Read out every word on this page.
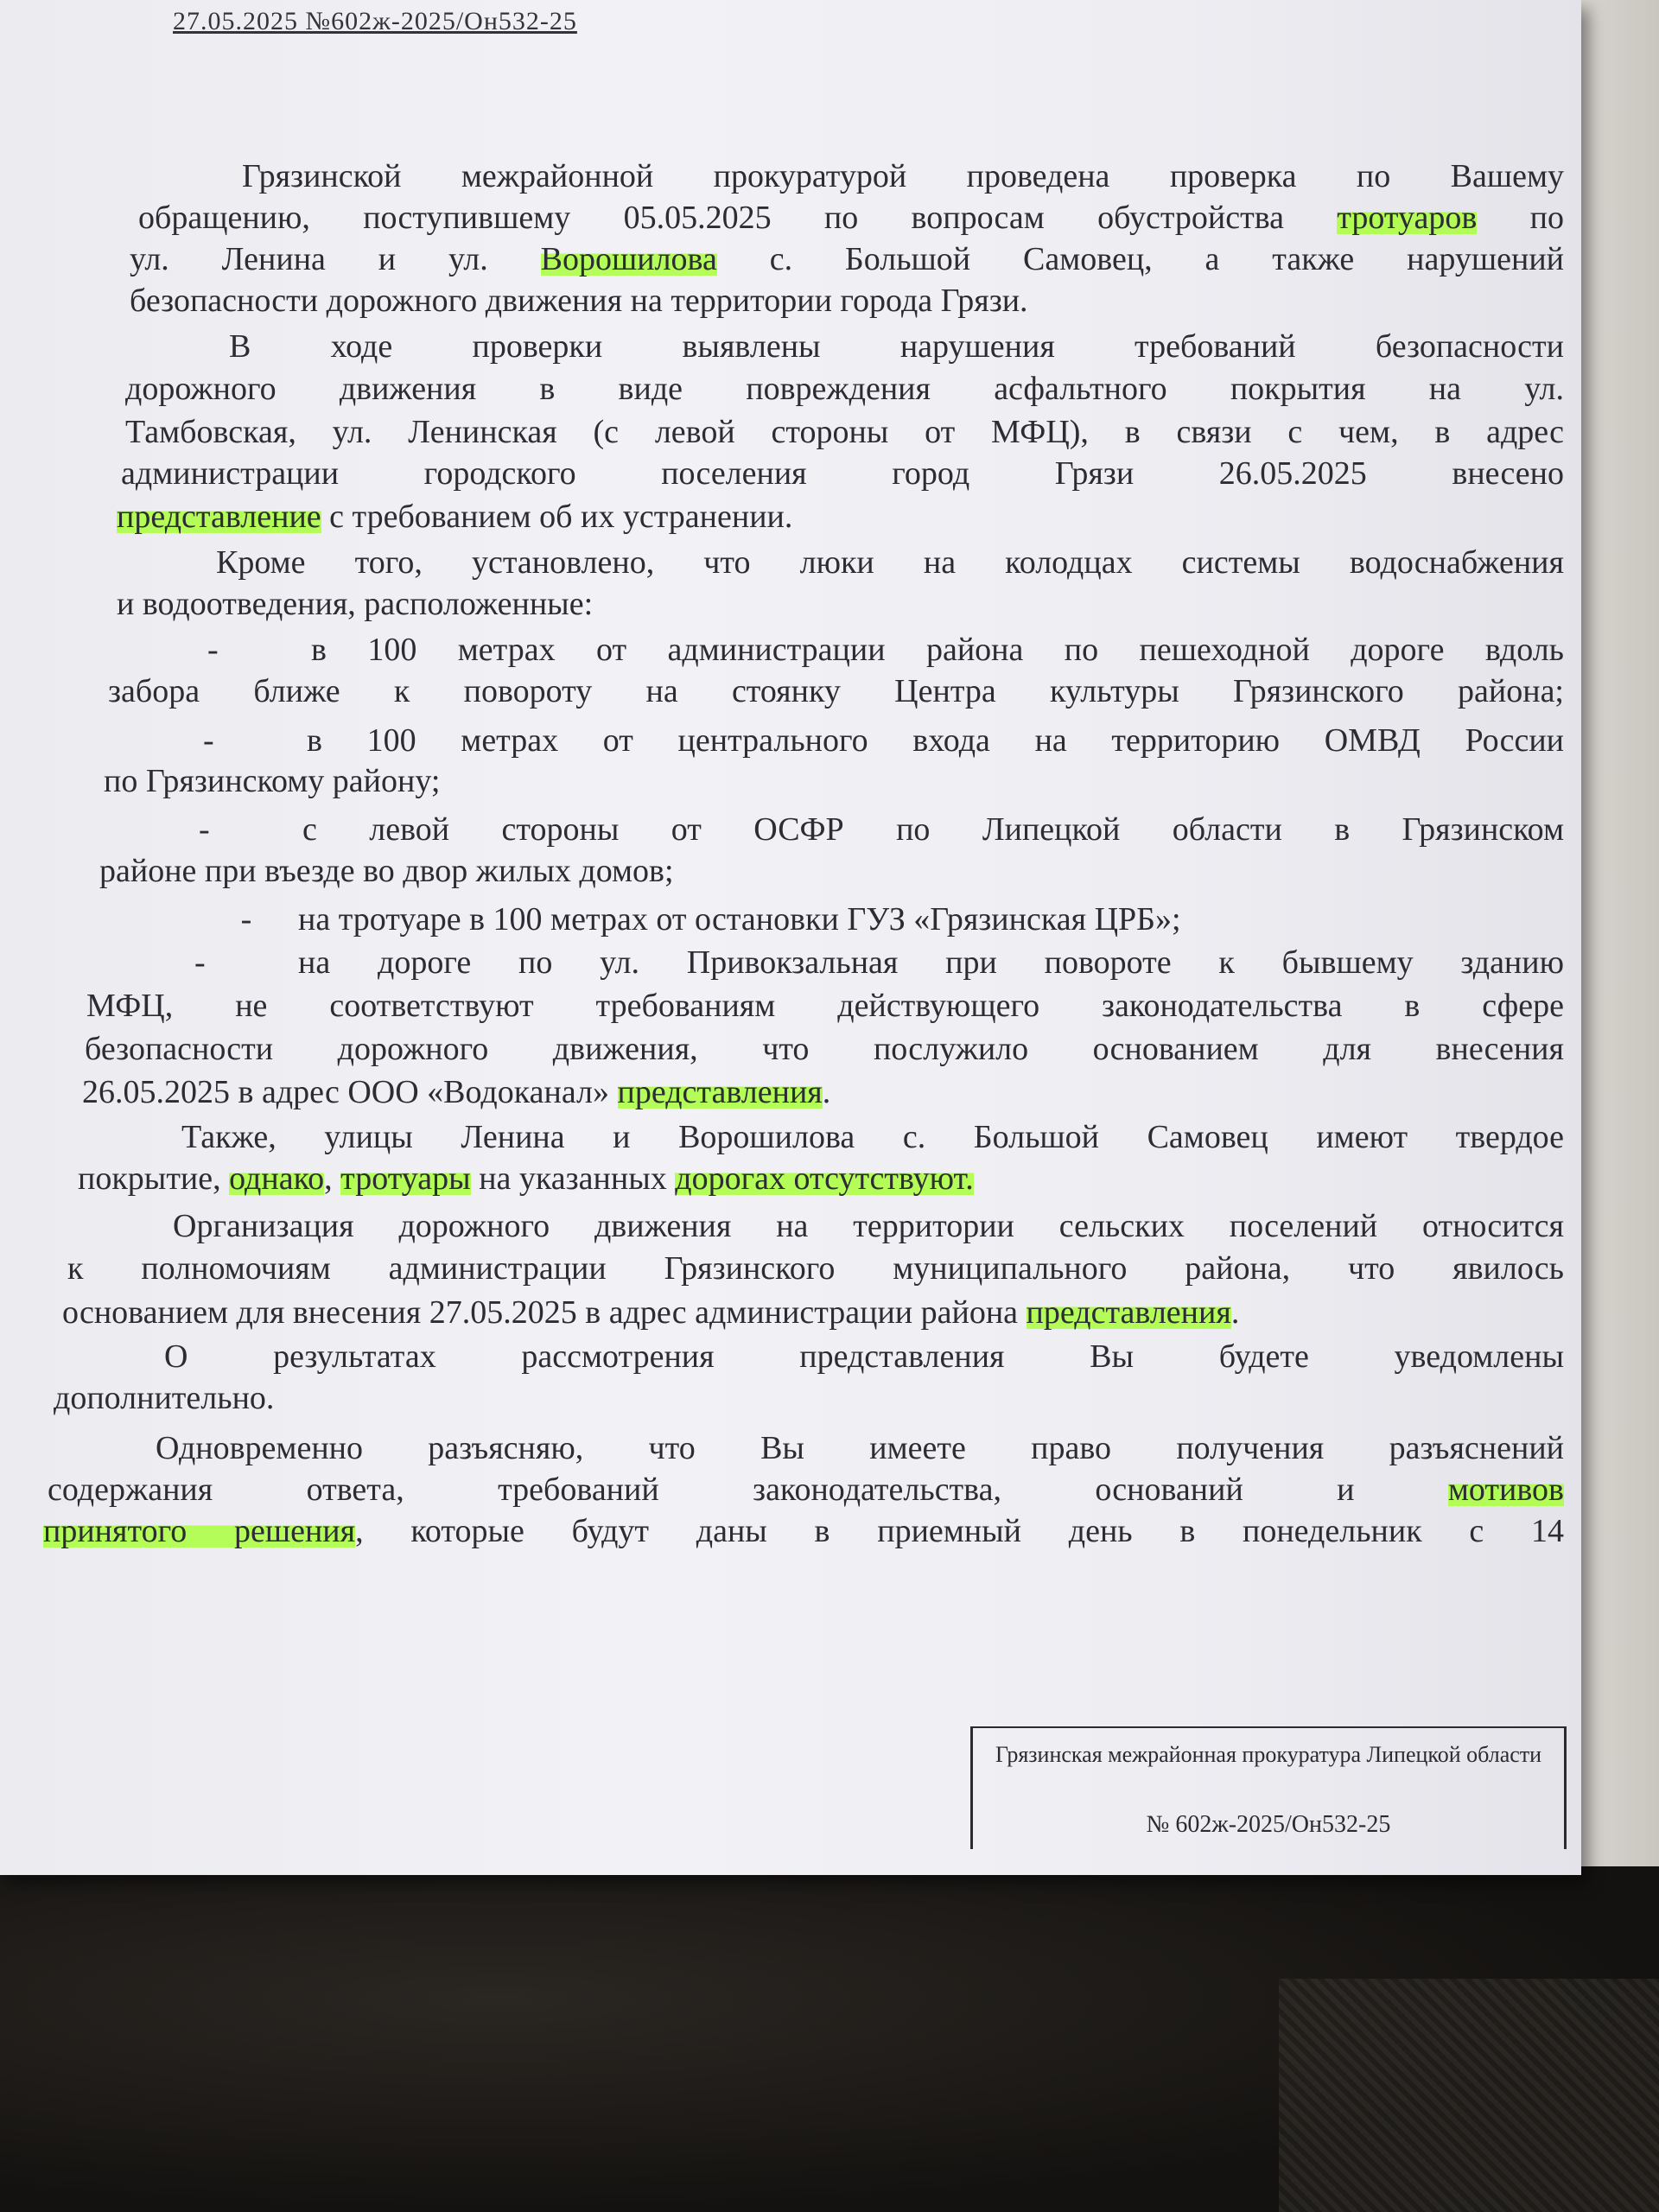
27.05.2025 №602ж-2025/Он532-25
Грязинской межрайонной прокуратурой проведена проверка по Вашему
обращению, поступившему 05.05.2025 по вопросам обустройства тротуаров по
ул. Ленина и ул. Ворошилова с. Большой Самовец, а также нарушений
безопасности дорожного движения на территории города Грязи.
В ходе проверки выявлены нарушения требований безопасности
дорожного движения в виде повреждения асфальтного покрытия на ул.
Тамбовская, ул. Ленинская (с левой стороны от МФЦ), в связи с чем, в адрес
администрации городского поселения город Грязи 26.05.2025 внесено
представление с требованием об их устранении.
Кроме того, установлено, что люки на колодцах системы водоснабжения
и водоотведения, расположенные:
-	в 100 метрах от администрации района по пешеходной дороге вдоль
забора ближе к повороту на стоянку Центра культуры Грязинского района;
-	в 100 метрах от центрального входа на территорию ОМВД России
по Грязинскому району;
-	с левой стороны от ОСФР по Липецкой области в Грязинском
районе при въезде во двор жилых домов;
- на тротуаре в 100 метрах от остановки ГУЗ «Грязинская ЦРБ»;
-	на дороге по ул. Привокзальная при повороте к бывшему зданию
МФЦ, не соответствуют требованиям действующего законодательства в сфере
безопасности дорожного движения, что послужило основанием для внесения
26.05.2025 в адрес ООО «Водоканал» представления.
Также, улицы Ленина и Ворошилова с. Большой Самовец имеют твердое
покрытие, однако, тротуары на указанных дорогах отсутствуют.
Организация дорожного движения на территории сельских поселений относится
к полномочиям администрации Грязинского муниципального района, что явилось
основанием для внесения 27.05.2025 в адрес администрации района представления.
О результатах рассмотрения представления Вы будете уведомлены
дополнительно.
Одновременно разъясняю, что Вы имеете право получения разъяснений
содержания ответа, требований законодательства, оснований и мотивов
принятого решения, которые будут даны в приемный день в понедельник с 14
Грязинская межрайонная прокуратура Липецкой области
№ 602ж-2025/Он532-25
